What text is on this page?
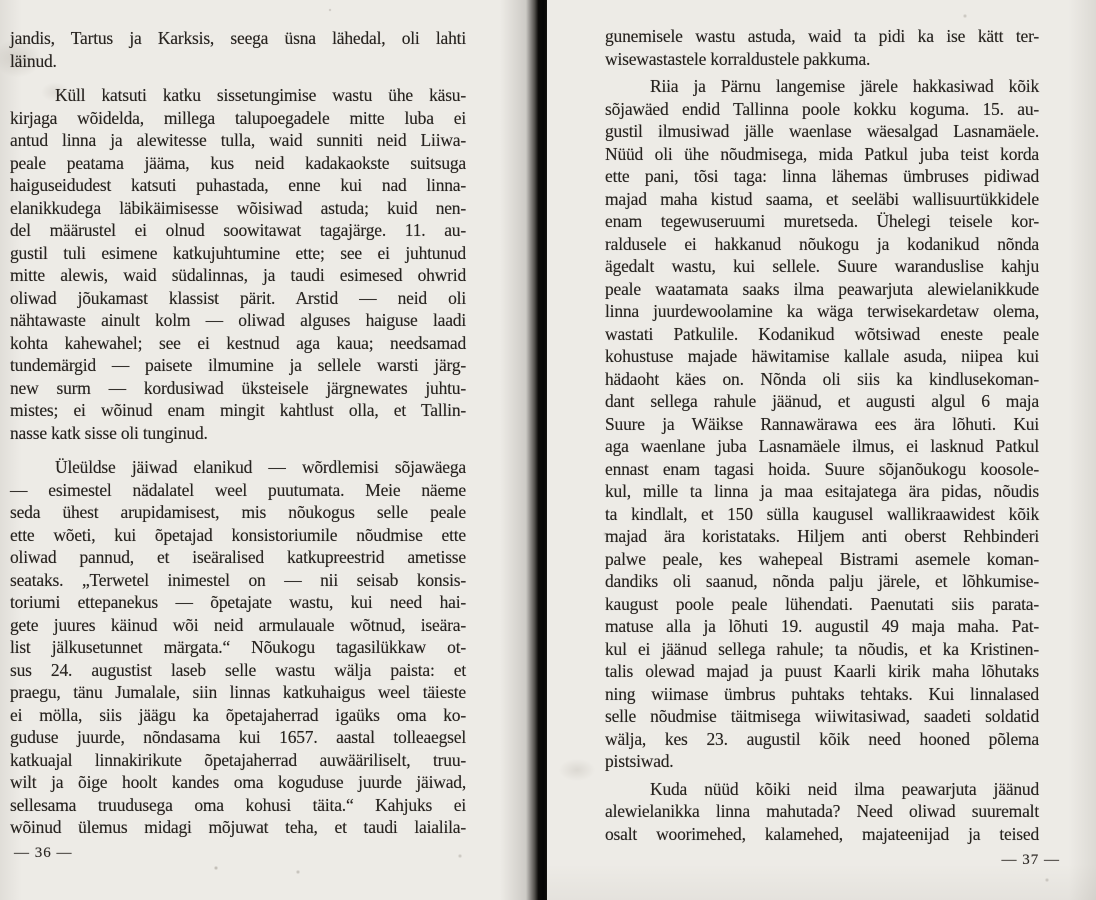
jandis, Tartus ja Karksis, seega üsna lähedal, oli lahti
läinud.
Küll katsuti katku sissetungimise wastu ühe käsu-
kirjaga wõidelda, millega talupoegadele mitte luba ei
antud linna ja alewitesse tulla, waid sunniti neid Liiwa-
peale peatama jääma, kus neid kadakaokste suitsuga
haiguseidudest katsuti puhastada, enne kui nad linna-
elanikkudega läbikäimisesse wõisiwad astuda; kuid nen-
del määrustel ei olnud soowitawat tagajärge. 11. au-
gustil tuli esimene katkujuhtumine ette; see ei juhtunud
mitte alewis, waid südalinnas, ja taudi esimesed ohwrid
oliwad jõukamast klassist pärit. Arstid — neid oli
nähtawaste ainult kolm — oliwad alguses haiguse laadi
kohta kahewahel; see ei kestnud aga kaua; needsamad
tundemärgid — paisete ilmumine ja sellele warsti järg-
new surm — kordusiwad üksteisele järgnewates juhtu-
mistes; ei wõinud enam mingit kahtlust olla, et Tallin-
nasse katk sisse oli tunginud.
Üleüldse jäiwad elanikud — wõrdlemisi sõjawäega
— esimestel nädalatel weel puutumata. Meie näeme
seda ühest arupidamisest, mis nõukogus selle peale
ette wõeti, kui õpetajad konsistoriumile nõudmise ette
oliwad pannud, et iseäralised katkupreestrid ametisse
seataks. „Terwetel inimestel on — nii seisab konsis-
toriumi ettepanekus — õpetajate wastu, kui need hai-
gete juures käinud wõi neid armulauale wõtnud, iseära-
list jälkusetunnet märgata.“ Nõukogu tagasilükkaw ot-
sus 24. augustist laseb selle wastu wälja paista: et
praegu, tänu Jumalale, siin linnas katkuhaigus weel täieste
ei mölla, siis jäägu ka õpetajaherrad igaüks oma ko-
guduse juurde, nõndasama kui 1657. aastal tolleaegsel
katkuajal linnakirikute õpetajaherrad auwääriliselt, truu-
wilt ja õige hoolt kandes oma koguduse juurde jäiwad,
sellesama truudusega oma kohusi täita.“ Kahjuks ei
wõinud ülemus midagi mõjuwat teha, et taudi laialila-
— 36 —
gunemisele wastu astuda, waid ta pidi ka ise kätt ter-
wisewastastele korraldustele pakkuma.
Riia ja Pärnu langemise järele hakkasiwad kõik
sõjawäed endid Tallinna poole kokku koguma. 15. au-
gustil ilmusiwad jälle waenlase wäesalgad Lasnamäele.
Nüüd oli ühe nõudmisega, mida Patkul juba teist korda
ette pani, tõsi taga: linna lähemas ümbruses pidiwad
majad maha kistud saama, et seeläbi wallisuurtükkidele
enam tegewuseruumi muretseda. Ühelegi teisele kor-
raldusele ei hakkanud nõukogu ja kodanikud nõnda
ägedalt wastu, kui sellele. Suure waranduslise kahju
peale waatamata saaks ilma peawarjuta alewielanikkude
linna juurdewoolamine ka wäga terwisekardetaw olema,
wastati Patkulile. Kodanikud wõtsiwad eneste peale
kohustuse majade häwitamise kallale asuda, niipea kui
hädaoht käes on. Nõnda oli siis ka kindlusekoman-
dant sellega rahule jäänud, et augusti algul 6 maja
Suure ja Wäikse Rannawärawa ees ära lõhuti. Kui
aga waenlane juba Lasnamäele ilmus, ei lasknud Patkul
ennast enam tagasi hoida. Suure sõjanõukogu koosole-
kul, mille ta linna ja maa esitajatega ära pidas, nõudis
ta kindlalt, et 150 sülla kaugusel wallikraawidest kõik
majad ära koristataks. Hiljem anti oberst Rehbinderi
palwe peale, kes wahepeal Bistrami asemele koman-
dandiks oli saanud, nõnda palju järele, et lõhkumise-
kaugust poole peale lühendati. Paenutati siis parata-
matuse alla ja lõhuti 19. augustil 49 maja maha. Pat-
kul ei jäänud sellega rahule; ta nõudis, et ka Kristinen-
talis olewad majad ja puust Kaarli kirik maha lõhutaks
ning wiimase ümbrus puhtaks tehtaks. Kui linnalased
selle nõudmise täitmisega wiiwitasiwad, saadeti soldatid
wälja, kes 23. augustil kõik need hooned põlema
pistsiwad.
Kuda nüüd kõiki neid ilma peawarjuta jäänud
alewielanikka linna mahutada? Need oliwad suuremalt
osalt woorimehed, kalamehed, majateenijad ja teised
— 37 —
